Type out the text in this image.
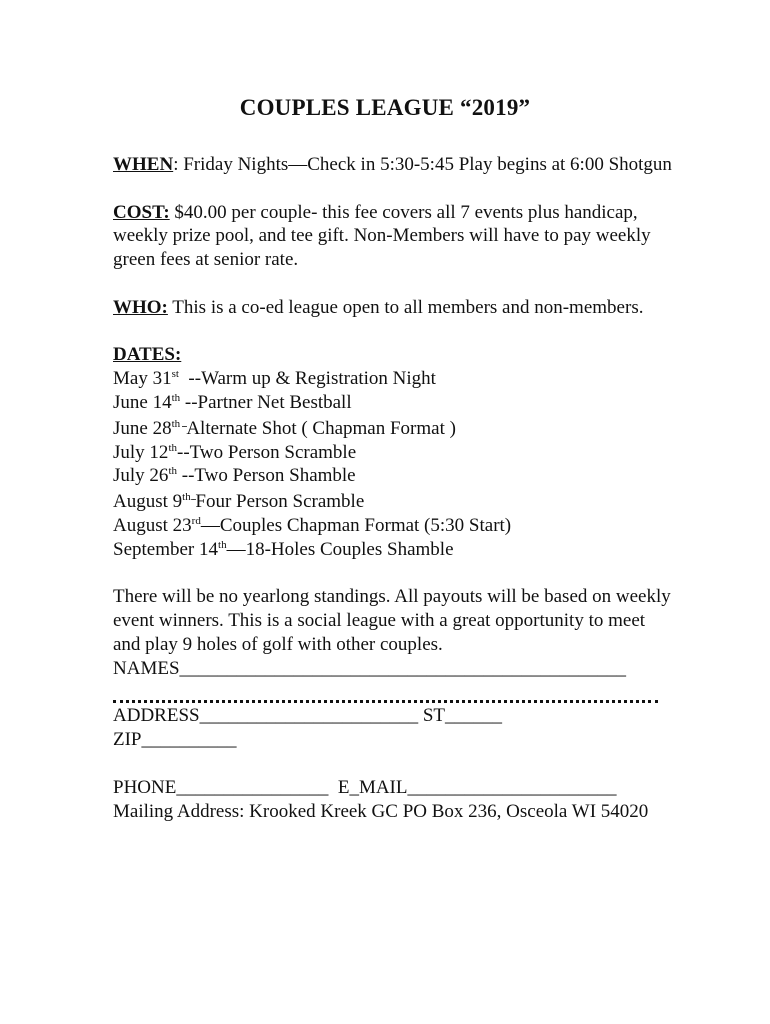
COUPLES LEAGUE “2019”

WHEN: Friday Nights—Check in 5:30-5:45 Play begins at 6:00 Shotgun

COST: $40.00 per couple- this fee covers all 7 events plus handicap, weekly prize pool, and tee gift. Non-Members will have to pay weekly green fees at senior rate.

WHO: This is a co-ed league open to all members and non-members.

DATES:
May 31st  --Warm up & Registration Night
June 14th --Partner Net Bestball
June 28th --Alternate Shot ( Chapman Format )
July 12th--Two Person Scramble
July 26th --Two Person Shamble
August $9^{th--}Four$ Person Scramble
August 23rd—Couples Chapman Format (5:30 Start)
September 14th—18-Holes Couples Shamble

There will be no yearlong standings. All payouts will be based on weekly event winners. This is a social league with a great opportunity to meet and play 9 holes of golf with other couples.

NAMES_______________________________________________
ADDRESS_______________________ ST______
ZIP__________
PHONE________________  E_MAIL______________________
Mailing Address: Krooked Kreek GC PO Box 236, Osceola WI 54020
